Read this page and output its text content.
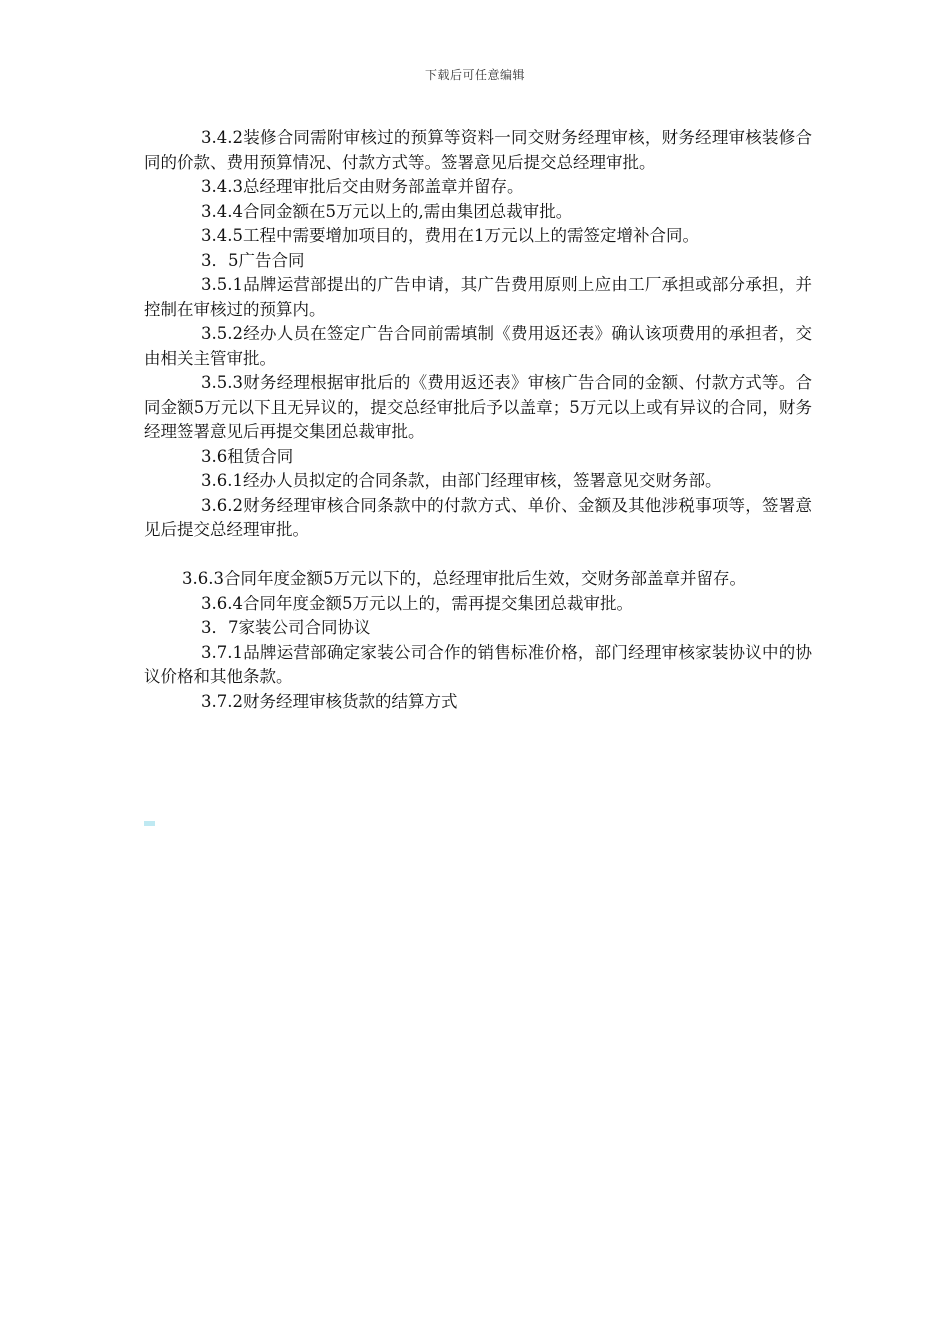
下载后可任意编辑

3.4.2装修合同需附审核过的预算等资料一同交财务经理审核，财务经理审核装修合同的价款、费用预算情况、付款方式等。签署意见后提交总经理审批。

3.4.3总经理审批后交由财务部盖章并留存。

3.4.4合同金额在5万元以上的,需由集团总裁审批。

3.4.5工程中需要增加项目的，费用在1万元以上的需签定增补合同。

3．5广告合同

3.5.1品牌运营部提出的广告申请，其广告费用原则上应由工厂承担或部分承担，并控制在审核过的预算内。

3.5.2经办人员在签定广告合同前需填制《费用返还表》确认该项费用的承担者，交由相关主管审批。

3.5.3财务经理根据审批后的《费用返还表》审核广告合同的金额、付款方式等。合同金额5万元以下且无异议的，提交总经审批后予以盖章；5万元以上或有异议的合同，财务经理签署意见后再提交集团总裁审批。

3.6租赁合同

3.6.1经办人员拟定的合同条款，由部门经理审核，签署意见交财务部。

3.6.2财务经理审核合同条款中的付款方式、单价、金额及其他涉税事项等，签署意见后提交总经理审批。

3.6.3合同年度金额5万元以下的，总经理审批后生效，交财务部盖章并留存。

3.6.4合同年度金额5万元以上的，需再提交集团总裁审批。

3．7家装公司合同协议

3.7.1品牌运营部确定家装公司合作的销售标准价格，部门经理审核家装协议中的协议价格和其他条款。

3.7.2财务经理审核货款的结算方式
